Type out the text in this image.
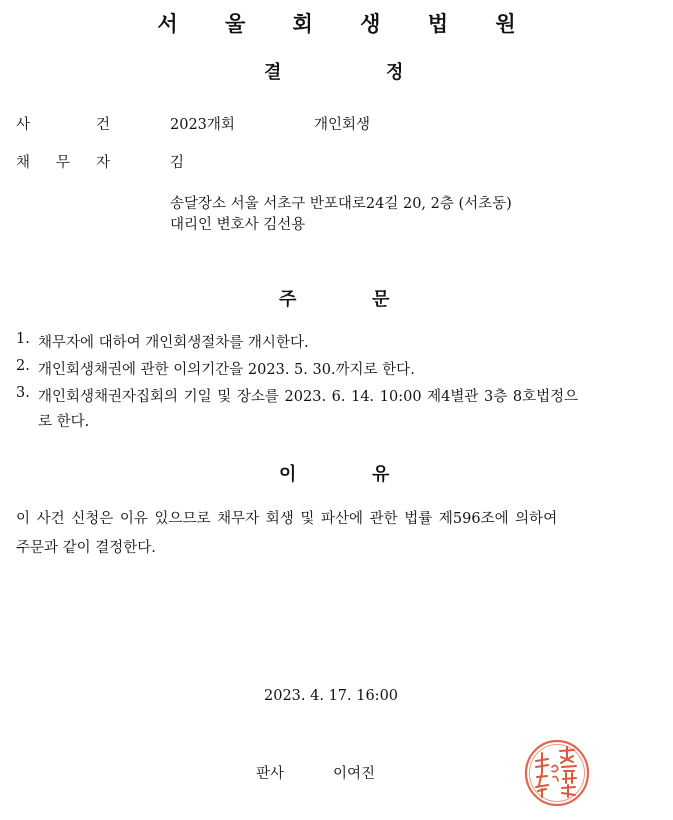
서 울 회 생 법 원
결	정
사	건	2023개회	개인회생
채 무 자	김
송달장소 서울 서초구 반포대로24길 20, 2층 (서초동)
대리인 변호사 김선용
주	문
1. 채무자에 대하여 개인회생절차를 개시한다.
2. 개인회생채권에 관한 이의기간을 2023. 5. 30.까지로 한다.
3. 개인회생채권자집회의 기일 및 장소를 2023. 6. 14. 10:00 제4별관 3층 8호법정으
로 한다.
이	유
이 사건 신청은 이유 있으므로 채무자 회생 및 파산에 관한 법률 제596조에 의하여
주문과 같이 결정한다.
2023. 4. 17. 16:00
판사	이여진
